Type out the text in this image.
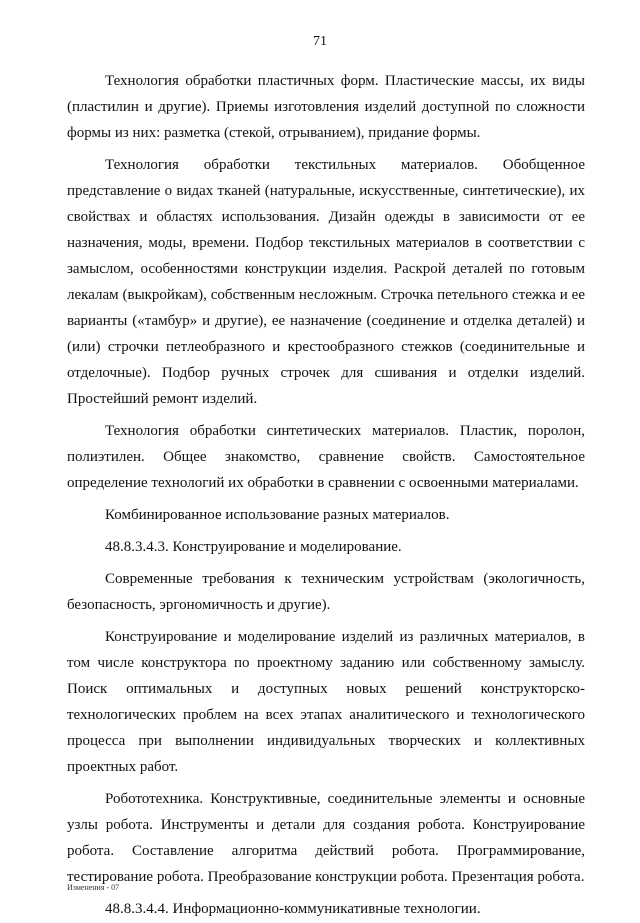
71

Технология обработки пластичных форм. Пластические массы, их виды (пластилин и другие). Приемы изготовления изделий доступной по сложности формы из них: разметка (стекой, отрыванием), придание формы.

Технология обработки текстильных материалов. Обобщенное представление о видах тканей (натуральные, искусственные, синтетические), их свойствах и областях использования. Дизайн одежды в зависимости от ее назначения, моды, времени. Подбор текстильных материалов в соответствии с замыслом, особенностями конструкции изделия. Раскрой деталей по готовым лекалам (выкройкам), собственным несложным. Строчка петельного стежка и ее варианты («тамбур» и другие), ее назначение (соединение и отделка деталей) и (или) строчки петлеобразного и крестообразного стежков (соединительные и отделочные). Подбор ручных строчек для сшивания и отделки изделий. Простейший ремонт изделий.

Технология обработки синтетических материалов. Пластик, поролон, полиэтилен. Общее знакомство, сравнение свойств. Самостоятельное определение технологий их обработки в сравнении с освоенными материалами.

Комбинированное использование разных материалов.

48.8.3.4.3. Конструирование и моделирование.

Современные требования к техническим устройствам (экологичность, безопасность, эргономичность и другие).

Конструирование и моделирование изделий из различных материалов, в том числе конструктора по проектному заданию или собственному замыслу. Поиск оптимальных и доступных новых решений конструкторско-технологических проблем на всех этапах аналитического и технологического процесса при выполнении индивидуальных творческих и коллективных проектных работ.

Робототехника. Конструктивные, соединительные элементы и основные узлы робота. Инструменты и детали для создания робота. Конструирование робота. Составление алгоритма действий робота. Программирование, тестирование робота. Преобразование конструкции робота. Презентация робота.

48.8.3.4.4. Информационно-коммуникативные технологии.

Изменения - 07
